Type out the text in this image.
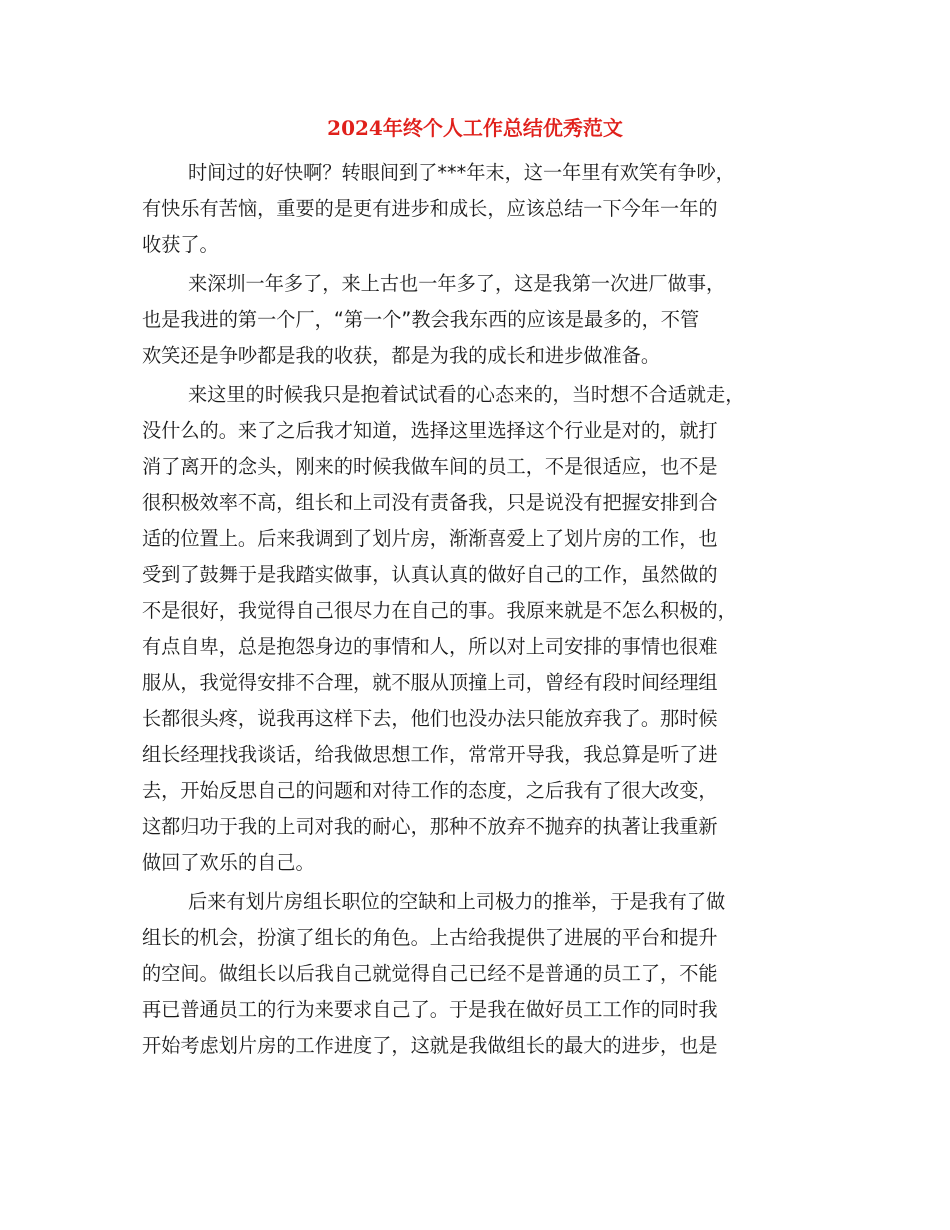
2024年终个人工作总结优秀范文
时间过的好快啊？转眼间到了***年末，这一年里有欢笑有争吵，
有快乐有苦恼，重要的是更有进步和成长，应该总结一下今年一年的
收获了。
来深圳一年多了，来上古也一年多了，这是我第一次进厂做事，
也是我进的第一个厂，“第一个”教会我东西的应该是最多的，不管
欢笑还是争吵都是我的收获，都是为我的成长和进步做准备。
来这里的时候我只是抱着试试看的心态来的，当时想不合适就走，
没什么的。来了之后我才知道，选择这里选择这个行业是对的，就打
消了离开的念头，刚来的时候我做车间的员工，不是很适应，也不是
很积极效率不高，组长和上司没有责备我，只是说没有把握安排到合
适的位置上。后来我调到了划片房，渐渐喜爱上了划片房的工作，也
受到了鼓舞于是我踏实做事，认真认真的做好自己的工作，虽然做的
不是很好，我觉得自己很尽力在自己的事。我原来就是不怎么积极的，
有点自卑，总是抱怨身边的事情和人，所以对上司安排的事情也很难
服从，我觉得安排不合理，就不服从顶撞上司，曾经有段时间经理组
长都很头疼，说我再这样下去，他们也没办法只能放弃我了。那时候
组长经理找我谈话，给我做思想工作，常常开导我，我总算是听了进
去，开始反思自己的问题和对待工作的态度，之后我有了很大改变，
这都归功于我的上司对我的耐心，那种不放弃不抛弃的执著让我重新
做回了欢乐的自己。
后来有划片房组长职位的空缺和上司极力的推举，于是我有了做
组长的机会，扮演了组长的角色。上古给我提供了进展的平台和提升
的空间。做组长以后我自己就觉得自己已经不是普通的员工了，不能
再已普通员工的行为来要求自己了。于是我在做好员工工作的同时我
开始考虑划片房的工作进度了，这就是我做组长的最大的进步，也是
